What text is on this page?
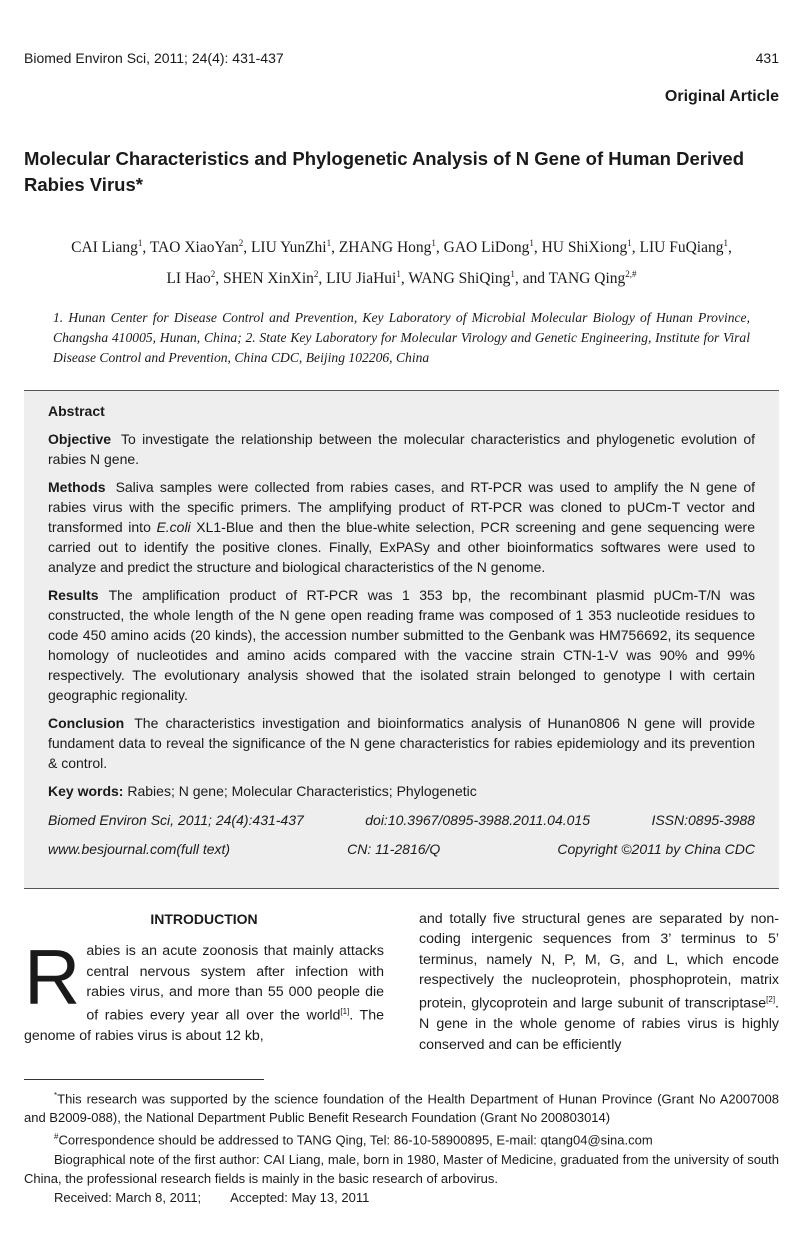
Biomed Environ Sci, 2011; 24(4): 431-437	431
Original Article
Molecular Characteristics and Phylogenetic Analysis of N Gene of Human Derived Rabies Virus*
CAI Liang$^1$, TAO XiaoYan$^2$, LIU YunZhi$^1$, ZHANG Hong$^1$, GAO LiDong$^1$, HU ShiXiong$^1$, LIU FuQiang$^1$,
LI Hao$^2$, SHEN XinXin$^2$, LIU JiaHui$^1$, WANG ShiQing$^1$, and TANG Qing$^{2,\#}$
1. Hunan Center for Disease Control and Prevention, Key Laboratory of Microbial Molecular Biology of Hunan Province, Changsha 410005, Hunan, China; 2. State Key Laboratory for Molecular Virology and Genetic Engineering, Institute for Viral Disease Control and Prevention, China CDC, Beijing 102206, China
Abstract

Objective To investigate the relationship between the molecular characteristics and phylogenetic evolution of rabies N gene.

Methods Saliva samples were collected from rabies cases, and RT-PCR was used to amplify the N gene of rabies virus with the specific primers. The amplifying product of RT-PCR was cloned to pUCm-T vector and transformed into E.coli XL1-Blue and then the blue-white selection, PCR screening and gene sequencing were carried out to identify the positive clones. Finally, ExPASy and other bioinformatics softwares were used to analyze and predict the structure and biological characteristics of the N genome.

Results The amplification product of RT-PCR was 1 353 bp, the recombinant plasmid pUCm-T/N was constructed, the whole length of the N gene open reading frame was composed of 1 353 nucleotide residues to code 450 amino acids (20 kinds), the accession number submitted to the Genbank was HM756692, its sequence homology of nucleotides and amino acids compared with the vaccine strain CTN-1-V was 90% and 99% respectively. The evolutionary analysis showed that the isolated strain belonged to genotype I with certain geographic regionality.

Conclusion The characteristics investigation and bioinformatics analysis of Hunan0806 N gene will provide fundament data to reveal the significance of the N gene characteristics for rabies epidemiology and its prevention & control.

Key words: Rabies; N gene; Molecular Characteristics; Phylogenetic

Biomed Environ Sci, 2011; 24(4):431-437	doi:10.3967/0895-3988.2011.04.015	ISSN:0895-3988
www.besjournal.com(full text)	CN: 11-2816/Q	Copyright ©2011 by China CDC
INTRODUCTION
R abies is an acute zoonosis that mainly attacks central nervous system after infection with rabies virus, and more than 55 000 people die of rabies every year all over the world[1]. The genome of rabies virus is about 12 kb,
and totally five structural genes are separated by non-coding intergenic sequences from 3’ terminus to 5’ terminus, namely N, P, M, G, and L, which encode respectively the nucleoprotein, phosphoprotein, matrix protein, glycoprotein and large subunit of transcriptase[2]. N gene in the whole genome of rabies virus is highly conserved and can be efficiently
*This research was supported by the science foundation of the Health Department of Hunan Province (Grant No A2007008 and B2009-088), the National Department Public Benefit Research Foundation (Grant No 200803014)
#Correspondence should be addressed to TANG Qing, Tel: 86-10-58900895, E-mail: qtang04@sina.com
Biographical note of the first author: CAI Liang, male, born in 1980, Master of Medicine, graduated from the university of south China, the professional research fields is mainly in the basic research of arbovirus.
Received: March 8, 2011; Accepted: May 13, 2011
